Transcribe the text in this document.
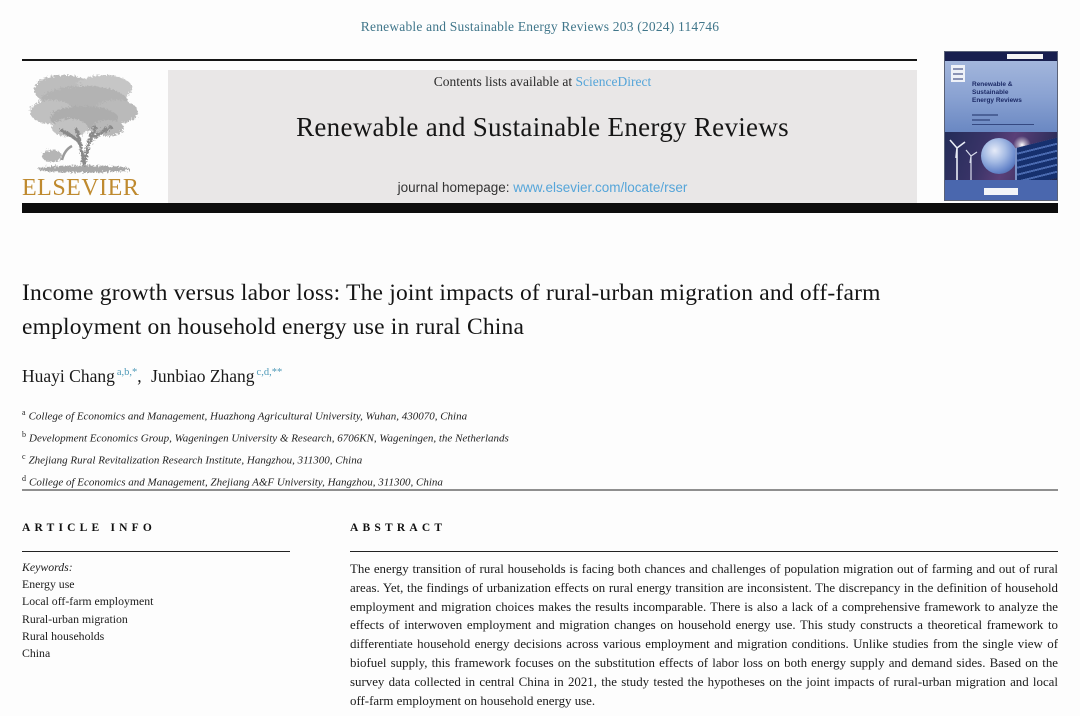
Renewable and Sustainable Energy Reviews 203 (2024) 114746
ELSEVIER
Contents lists available at ScienceDirect
Renewable and Sustainable Energy Reviews
journal homepage: www.elsevier.com/locate/rser
Renewable &
Sustainable
Energy Reviews
Income growth versus labor loss: The joint impacts of rural-urban migration and off-farm employment on household energy use in rural China
Huayi Chang $^{a,b,*}$, Junbiao Zhang $^{c,d,**}$
$^a$ College of Economics and Management, Huazhong Agricultural University, Wuhan, 430070, China
$^b$ Development Economics Group, Wageningen University & Research, 6706KN, Wageningen, the Netherlands
$^c$ Zhejiang Rural Revitalization Research Institute, Hangzhou, 311300, China
$^d$ College of Economics and Management, Zhejiang A&F University, Hangzhou, 311300, China
ARTICLE INFO
Keywords:
Energy use
Local off-farm employment
Rural-urban migration
Rural households
China
ABSTRACT
The energy transition of rural households is facing both chances and challenges of population migration out of farming and out of rural areas. Yet, the findings of urbanization effects on rural energy transition are inconsistent. The discrepancy in the definition of household employment and migration choices makes the results incomparable. There is also a lack of a comprehensive framework to analyze the effects of interwoven employment and migration changes on household energy use. This study constructs a theoretical framework to differentiate household energy decisions across various employment and migration conditions. Unlike studies from the single view of biofuel supply, this framework focuses on the substitution effects of labor loss on both energy supply and demand sides. Based on the survey data collected in central China in 2021, the study tested the hypotheses on the joint impacts of rural-urban migration and local off-farm employment on household energy use.
